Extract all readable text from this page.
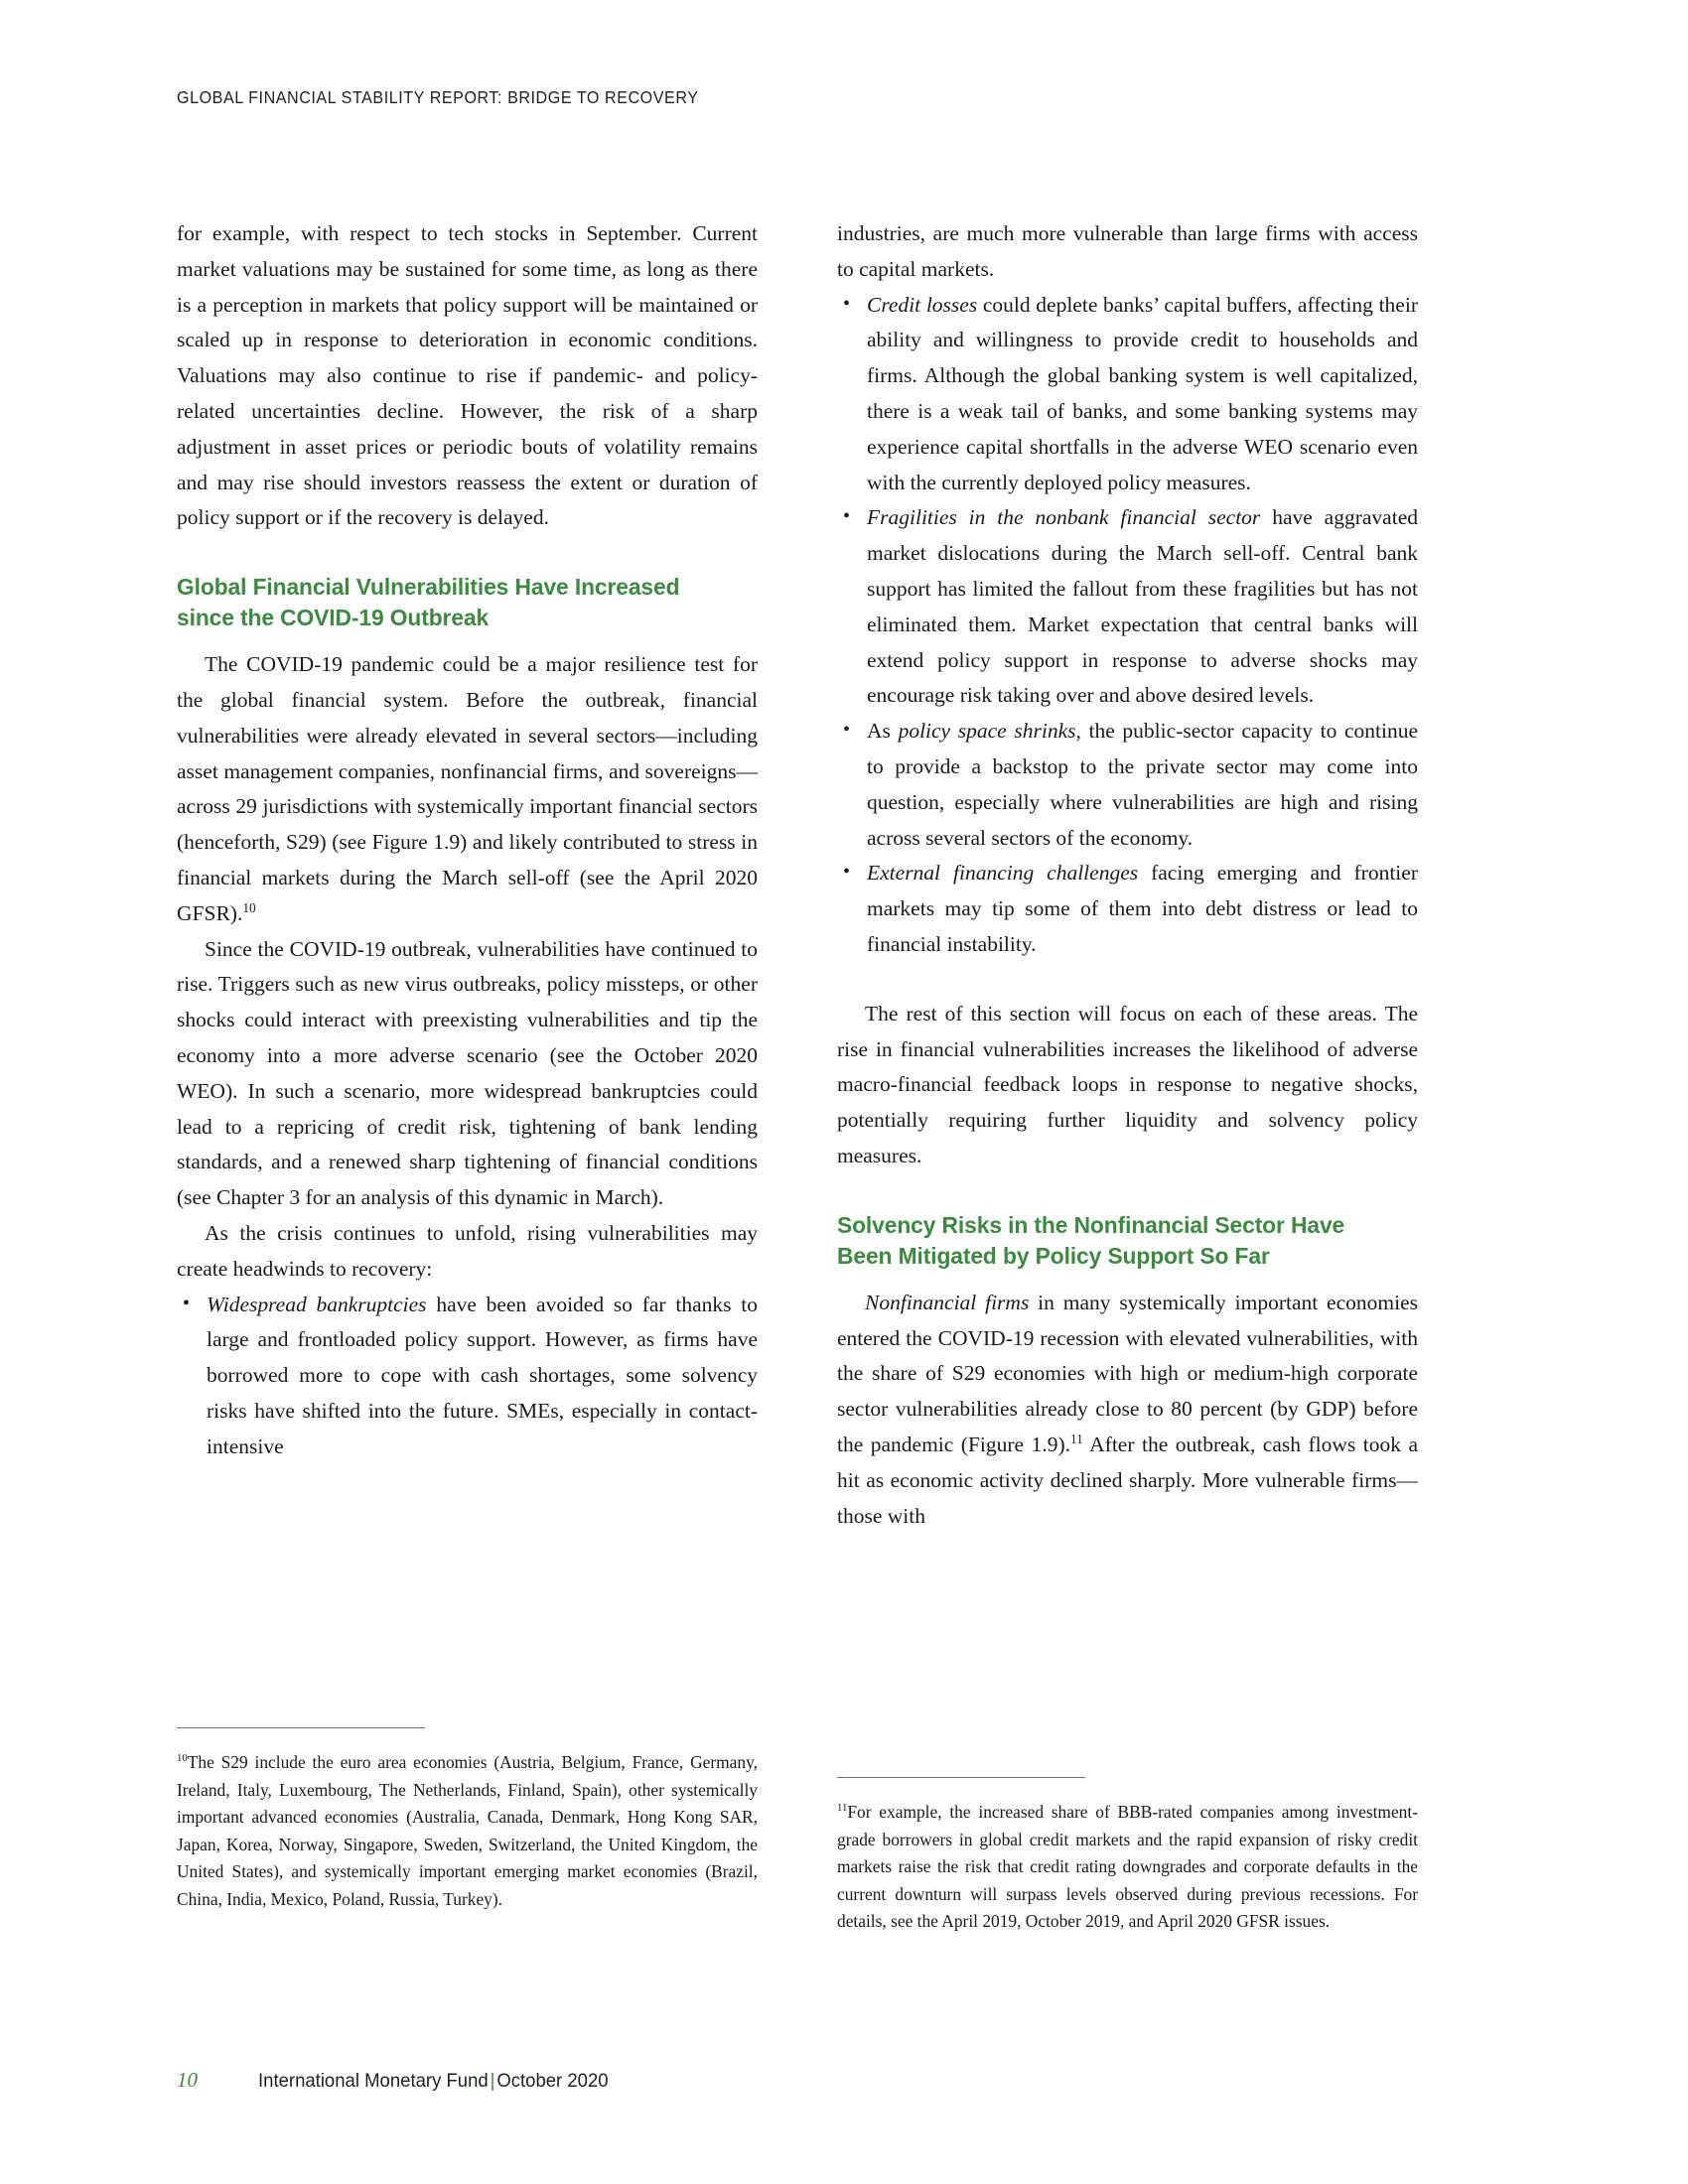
GLOBAL FINANCIAL STABILITY REPORT: BRIDGE TO RECOVERY

for example, with respect to tech stocks in September. Current market valuations may be sustained for some time, as long as there is a perception in markets that policy support will be maintained or scaled up in response to deterioration in economic conditions. Valuations may also continue to rise if pandemic- and policy-related uncertainties decline. However, the risk of a sharp adjustment in asset prices or periodic bouts of volatility remains and may rise should investors reassess the extent or duration of policy support or if the recovery is delayed.

Global Financial Vulnerabilities Have Increased since the COVID-19 Outbreak

The COVID-19 pandemic could be a major resilience test for the global financial system. Before the outbreak, financial vulnerabilities were already elevated in several sectors—including asset management companies, nonfinancial firms, and sovereigns—across 29 jurisdictions with systemically important financial sectors (henceforth, S29) (see Figure 1.9) and likely contributed to stress in financial markets during the March sell-off (see the April 2020 GFSR).$^{10}$

Since the COVID-19 outbreak, vulnerabilities have continued to rise. Triggers such as new virus outbreaks, policy missteps, or other shocks could interact with preexisting vulnerabilities and tip the economy into a more adverse scenario (see the October 2020 WEO). In such a scenario, more widespread bankruptcies could lead to a repricing of credit risk, tightening of bank lending standards, and a renewed sharp tightening of financial conditions (see Chapter 3 for an analysis of this dynamic in March).

As the crisis continues to unfold, rising vulnerabilities may create headwinds to recovery:

• Widespread bankruptcies have been avoided so far thanks to large and frontloaded policy support. However, as firms have borrowed more to cope with cash shortages, some solvency risks have shifted into the future. SMEs, especially in contact-intensive
$^{10}$The S29 include the euro area economies (Austria, Belgium, France, Germany, Ireland, Italy, Luxembourg, The Netherlands, Finland, Spain), other systemically important advanced economies (Australia, Canada, Denmark, Hong Kong SAR, Japan, Korea, Norway, Singapore, Sweden, Switzerland, the United Kingdom, the United States), and systemically important emerging market economies (Brazil, China, India, Mexico, Poland, Russia, Turkey).

industries, are much more vulnerable than large firms with access to capital markets.

• Credit losses could deplete banks’ capital buffers, affecting their ability and willingness to provide credit to households and firms. Although the global banking system is well capitalized, there is a weak tail of banks, and some banking systems may experience capital shortfalls in the adverse WEO scenario even with the currently deployed policy measures.
• Fragilities in the nonbank financial sector have aggravated market dislocations during the March sell-off. Central bank support has limited the fallout from these fragilities but has not eliminated them. Market expectation that central banks will extend policy support in response to adverse shocks may encourage risk taking over and above desired levels.
• As policy space shrinks, the public-sector capacity to continue to provide a backstop to the private sector may come into question, especially where vulnerabilities are high and rising across several sectors of the economy.
• External financing challenges facing emerging and frontier markets may tip some of them into debt distress or lead to financial instability.

The rest of this section will focus on each of these areas. The rise in financial vulnerabilities increases the likelihood of adverse macro-financial feedback loops in response to negative shocks, potentially requiring further liquidity and solvency policy measures.

Solvency Risks in the Nonfinancial Sector Have Been Mitigated by Policy Support So Far

Nonfinancial firms in many systemically important economies entered the COVID-19 recession with elevated vulnerabilities, with the share of S29 economies with high or medium-high corporate sector vulnerabilities already close to 80 percent (by GDP) before the pandemic (Figure 1.9).$^{11}$ After the outbreak, cash flows took a hit as economic activity declined sharply. More vulnerable firms—those with

$^{11}$For example, the increased share of BBB-rated companies among investment-grade borrowers in global credit markets and the rapid expansion of risky credit markets raise the risk that credit rating downgrades and corporate defaults in the current downturn will surpass levels observed during previous recessions. For details, see the April 2019, October 2019, and April 2020 GFSR issues.
10	International Monetary Fund|October 2020
